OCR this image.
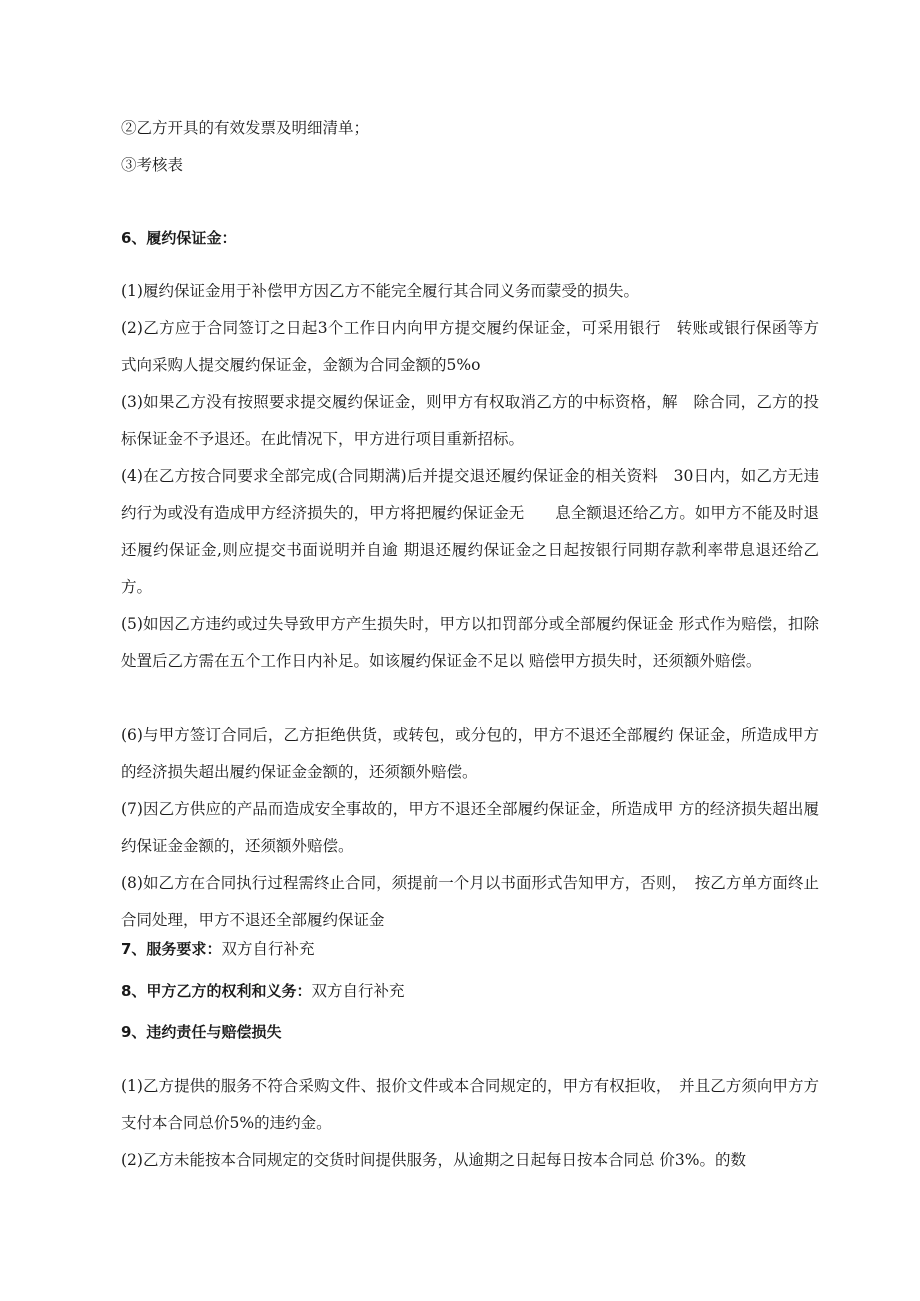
②乙方开具的有效发票及明细清单；
③考核表
6、履约保证金：
(1)履约保证金用于补偿甲方因乙方不能完全履行其合同义务而蒙受的损失。
(2)乙方应于合同签订之日起3个工作日内向甲方提交履约保证金，可采用银行　转账或银行保函等方式向采购人提交履约保证金，金额为合同金额的5%o
(3)如果乙方没有按照要求提交履约保证金，则甲方有权取消乙方的中标资格，解　除合同，乙方的投标保证金不予退还。在此情况下，甲方进行项目重新招标。
(4)在乙方按合同要求全部完成(合同期满)后并提交退还履约保证金的相关资料　30日内，如乙方无违约行为或没有造成甲方经济损失的，甲方将把履约保证金无　　息全额退还给乙方。如甲方不能及时退还履约保证金,则应提交书面说明并自逾 期退还履约保证金之日起按银行同期存款利率带息退还给乙方。
(5)如因乙方违约或过失导致甲方产生损失时，甲方以扣罚部分或全部履约保证金 形式作为赔偿，扣除处置后乙方需在五个工作日内补足。如该履约保证金不足以 赔偿甲方损失时，还须额外赔偿。
(6)与甲方签订合同后，乙方拒绝供货，或转包，或分包的，甲方不退还全部履约 保证金，所造成甲方的经济损失超出履约保证金金额的，还须额外赔偿。
(7)因乙方供应的产品而造成安全事故的，甲方不退还全部履约保证金，所造成甲 方的经济损失超出履约保证金金额的，还须额外赔偿。
(8)如乙方在合同执行过程需终止合同，须提前一个月以书面形式告知甲方，否则，　按乙方单方面终止合同处理，甲方不退还全部履约保证金
7、服务要求：双方自行补充
8、甲方乙方的权利和义务：双方自行补充
9、违约责任与赔偿损失
(1)乙方提供的服务不符合采购文件、报价文件或本合同规定的，甲方有权拒收，　并且乙方须向甲方方支付本合同总价5%的违约金。
(2)乙方未能按本合同规定的交货时间提供服务，从逾期之日起每日按本合同总 价3%。的数
